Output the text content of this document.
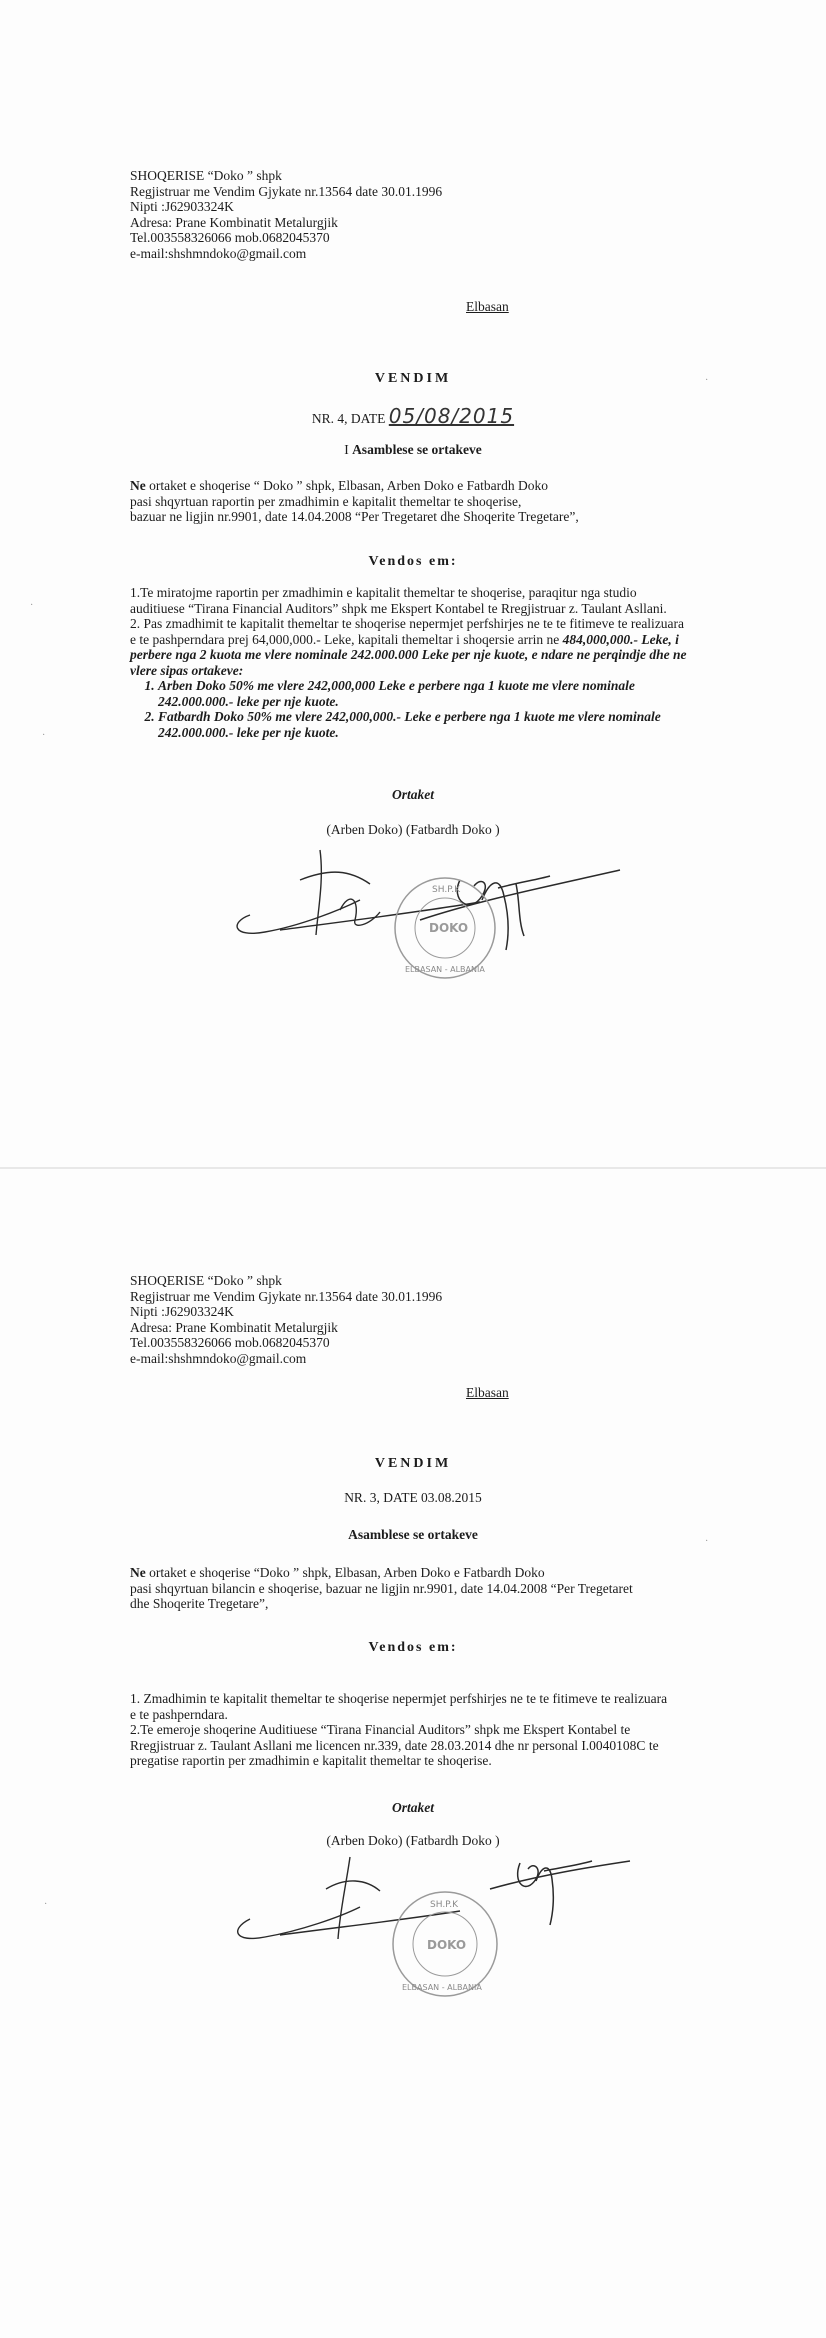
SHOQERISE “Doko ” shpk
Regjistruar me Vendim Gjykate nr.13564 date 30.01.1996
Nipti :J62903324K
Adresa: Prane Kombinatit Metalurgjik
Tel.003558326066 mob.0682045370
e-mail:shshmndoko@gmail.com
Elbasan
VENDIM
NR. 4, DATE 05/08/2015
I Asamblese se ortakeve
Ne ortaket e shoqerise “ Doko ” shpk, Elbasan, Arben Doko e Fatbardh Doko
pasi shqyrtuan raportin per zmadhimin e kapitalit themeltar te shoqerise,
bazuar ne ligjin nr.9901, date 14.04.2008 “Per Tregetaret dhe Shoqerite Tregetare”,
Vendos em:
1.Te miratojme raportin per zmadhimin e kapitalit themeltar te shoqerise, paraqitur nga studio auditiuese “Tirana Financial Auditors” shpk me Ekspert Kontabel te Rregjistruar z. Taulant Asllani.
2. Pas zmadhimit te kapitalit themeltar te shoqerise nepermjet perfshirjes ne te te fitimeve te realizuara e te pashperndara prej 64,000,000.- Leke, kapitali themeltar i shoqersie arrin ne 484,000,000.- Leke, i perbere nga 2 kuota me vlere nominale 242.000.000 Leke per nje kuote, e ndare ne perqindje dhe ne vlere sipas ortakeve:
1. Arben Doko 50% me vlere 242,000,000 Leke e perbere nga 1 kuote me vlere nominale 242.000.000.- leke per nje kuote.
2. Fatbardh Doko 50% me vlere 242,000,000.- Leke e perbere nga 1 kuote me vlere nominale 242.000.000.- leke per nje kuote.
Ortaket
(Arben Doko) (Fatbardh Doko )
SH.P.K
DOKO
ELBASAN - ALBANIA
·
·
·
SHOQERISE “Doko ” shpk
Regjistruar me Vendim Gjykate nr.13564 date 30.01.1996
Nipti :J62903324K
Adresa: Prane Kombinatit Metalurgjik
Tel.003558326066 mob.0682045370
e-mail:shshmndoko@gmail.com
Elbasan
VENDIM
NR. 3, DATE 03.08.2015
Asamblese se ortakeve
Ne ortaket e shoqerise “Doko ” shpk, Elbasan, Arben Doko e Fatbardh Doko
pasi shqyrtuan bilancin e shoqerise, bazuar ne ligjin nr.9901, date 14.04.2008 “Per Tregetaret dhe Shoqerite Tregetare”,
Vendos em:
1. Zmadhimin te kapitalit themeltar te shoqerise nepermjet perfshirjes ne te te fitimeve te realizuara e te pashperndara.
2.Te emeroje shoqerine Auditiuese “Tirana Financial Auditors” shpk me Ekspert Kontabel te Rregjistruar z. Taulant Asllani me licencen nr.339, date 28.03.2014 dhe nr personal I.0040108C te pregatise raportin per zmadhimin e kapitalit themeltar te shoqerise.
Ortaket
(Arben Doko) (Fatbardh Doko )
SH.P.K
DOKO
ELBASAN - ALBANIA
·
·
